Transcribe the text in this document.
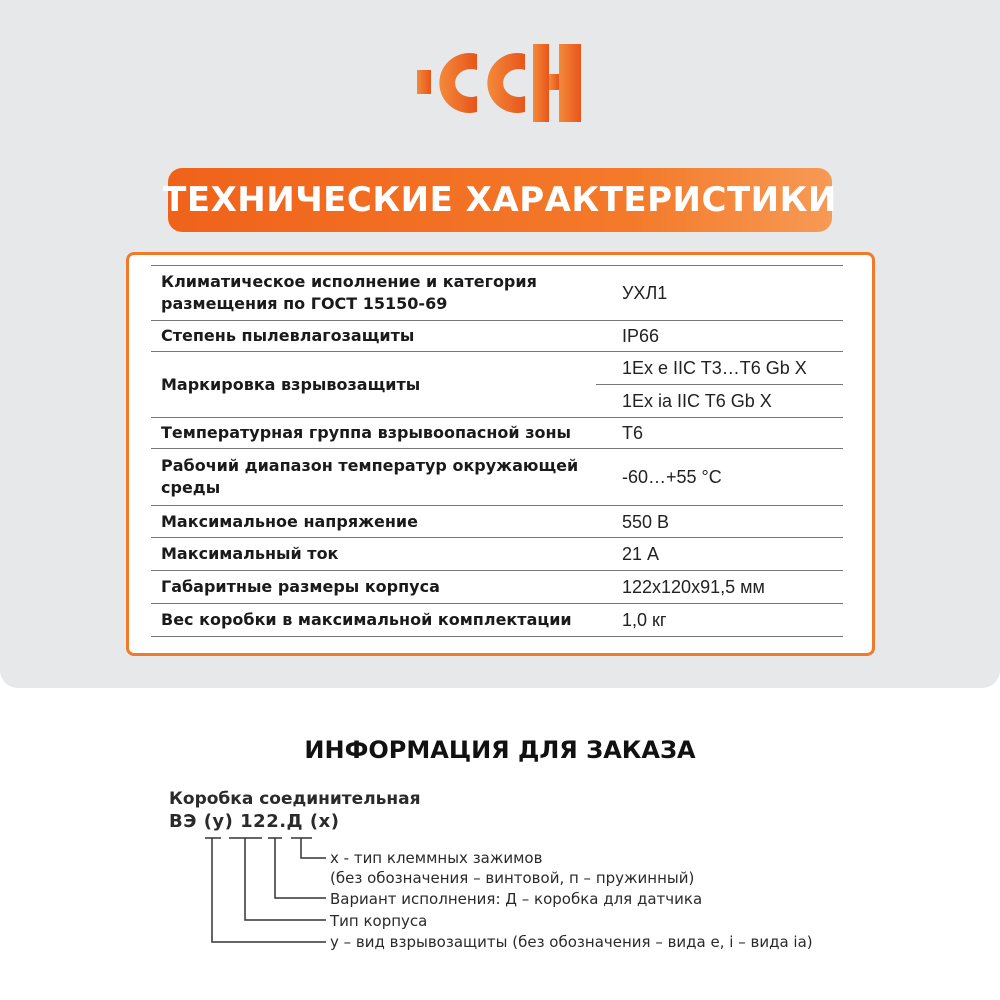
ТЕХНИЧЕСКИЕ ХАРАКТЕРИСТИКИ
Климатическое исполнение и категория размещения по ГОСТ 15150-69	УХЛ1
Степень пылевлагозащиты	IP66
Маркировка взрывозащиты	1Ex e IIC T3…T6 Gb X
	1Ex ia IIC T6 Gb X
Температурная группа взрывоопасной зоны	Т6
Рабочий диапазон температур окружающей среды	-60…+55 °С
Максимальное напряжение	550 В
Максимальный ток	21 А
Габаритные размеры корпуса	122х120х91,5 мм
Вес коробки в максимальной комплектации	1,0 кг
ИНФОРМАЦИЯ ДЛЯ ЗАКАЗА
Коробка соединительная
ВЭ (у) 122.Д (х)
х - тип клеммных зажимов
(без обозначения – винтовой, п – пружинный)
Вариант исполнения: Д – коробка для датчика
Тип корпуса
у – вид взрывозащиты (без обозначения – вида е, i – вида ia)
